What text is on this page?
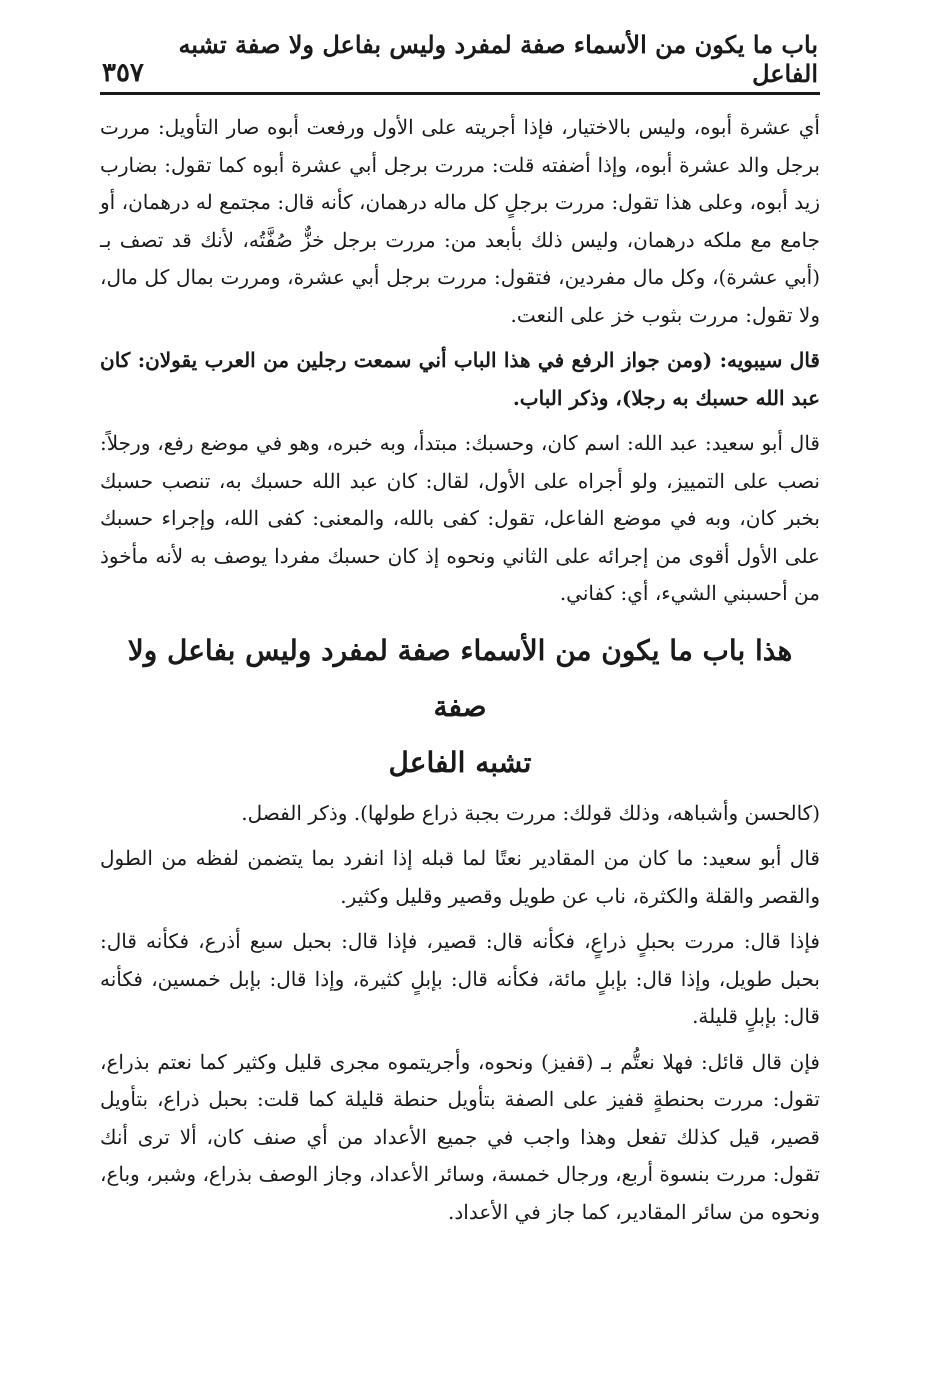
باب ما يكون من الأسماء صفة لمفرد وليس بفاعل ولا صفة تشبه الفاعل
٣٥٧

أي عشرة أبوه، وليس بالاختيار، فإذا أجريته على الأول ورفعت أبوه صار التأويل: مررت برجل والد عشرة أبوه، وإذا أضفته قلت: مررت برجل أبي عشرة أبوه كما تقول: بضارب زيد أبوه، وعلى هذا تقول: مررت برجلٍ كل ماله درهمان، كأنه قال: مجتمع له درهمان، أو جامع مع ملكه درهمان، وليس ذلك بأبعد من: مررت برجل خزٌّ صُفَّتُه، لأنك قد تصف بـ (أبي عشرة)، وكل مال مفردين، فتقول: مررت برجل أبي عشرة، ومررت بمال كل مال، ولا تقول: مررت بثوب خز على النعت.

قال سيبويه: (ومن جواز الرفع في هذا الباب أني سمعت رجلين من العرب يقولان: كان عبد الله حسبك به رجلا)، وذكر الباب.

قال أبو سعيد: عبد الله: اسم كان، وحسبك: مبتدأ، وبه خبره، وهو في موضع رفع، ورجلاً: نصب على التمييز، ولو أجراه على الأول، لقال: كان عبد الله حسبك به، تنصب حسبك بخبر كان، وبه في موضع الفاعل، تقول: كفى بالله، والمعنى: كفى الله، وإجراء حسبك على الأول أقوى من إجرائه على الثاني ونحوه إذ كان حسبك مفردا يوصف به لأنه مأخوذ من أحسبني الشيء، أي: كفاني.

هذا باب ما يكون من الأسماء صفة لمفرد وليس بفاعل ولا صفة
تشبه الفاعل

(كالحسن وأشباهه، وذلك قولك: مررت بجبة ذراع طولها). وذكر الفصل.

قال أبو سعيد: ما كان من المقادير نعتًا لما قبله إذا انفرد بما يتضمن لفظه من الطول والقصر والقلة والكثرة، ناب عن طويل وقصير وقليل وكثير.

فإذا قال: مررت بحبلٍ ذراعٍ، فكأنه قال: قصير، فإذا قال: بحبل سبع أذرع، فكأنه قال: بحبل طويل، وإذا قال: بإبلٍ مائة، فكأنه قال: بإبلٍ كثيرة، وإذا قال: بإبل خمسين، فكأنه قال: بإبلٍ قليلة.

فإن قال قائل: فهلا نعتُّم بـ (قفيز) ونحوه، وأجريتموه مجرى قليل وكثير كما نعتم بذراع، تقول: مررت بحنطةٍ قفيز على الصفة بتأويل حنطة قليلة كما قلت: بحبل ذراع، بتأويل قصير، قيل كذلك تفعل وهذا واجب في جميع الأعداد من أي صنف كان، ألا ترى أنك تقول: مررت بنسوة أربع، ورجال خمسة، وسائر الأعداد، وجاز الوصف بذراع، وشبر، وباع، ونحوه من سائر المقادير، كما جاز في الأعداد.
